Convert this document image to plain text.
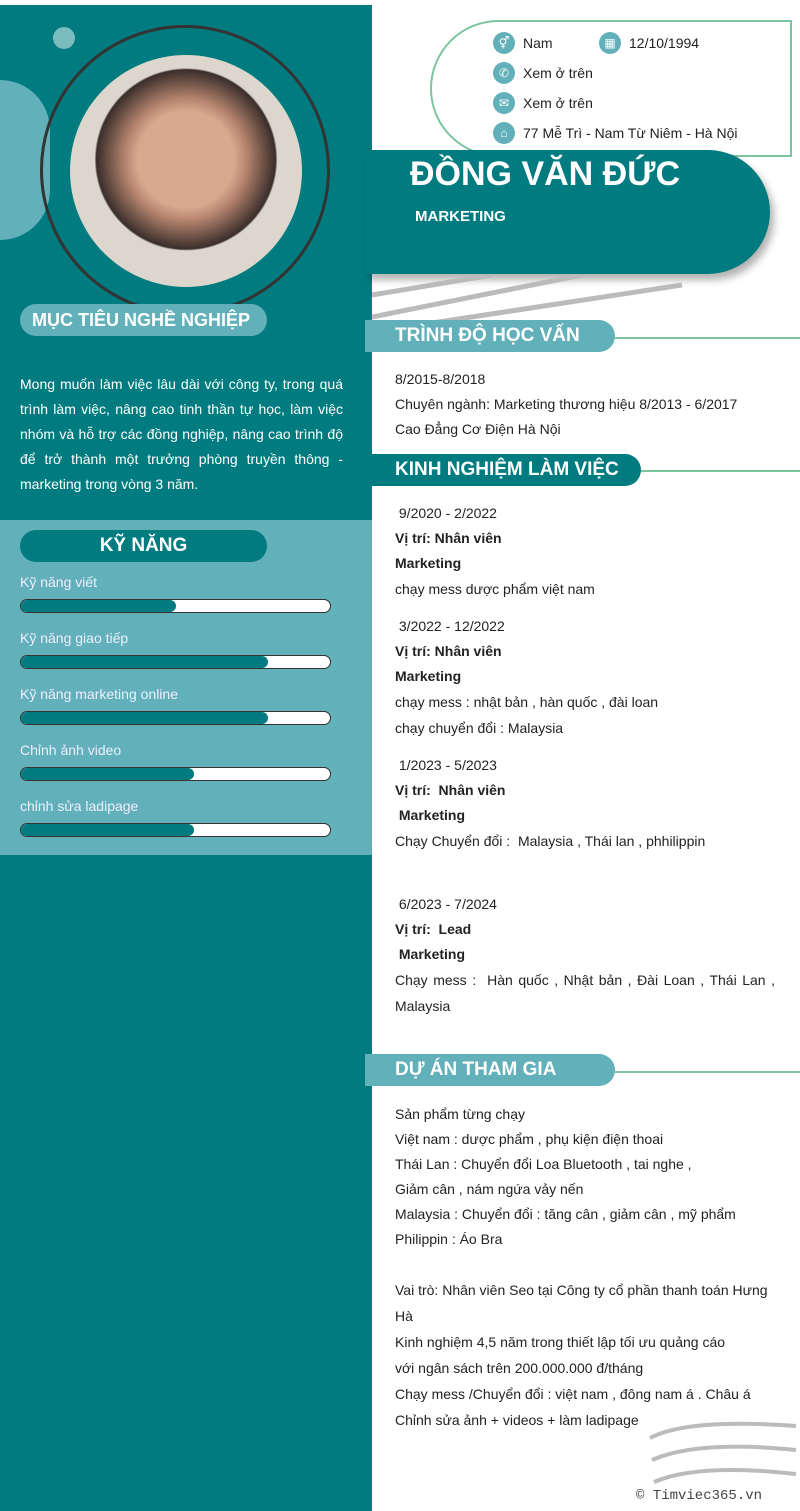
MỤC TIÊU NGHỀ NGHIỆP
Mong muốn làm việc lâu dài với công ty, trong quá trình làm việc, nâng cao tinh thần tự học, làm việc nhóm và hỗ trợ các đồng nghiệp, nâng cao trình độ để trở thành một trưởng phòng truyền thông - marketing trong vòng 3 năm.
KỸ NĂNG
Kỹ năng viết
Kỹ năng giao tiếp
Kỹ năng marketing online
Chỉnh ảnh video
chỉnh sửa ladipage
⚥ Nam	▦ 12/10/1994
✆ Xem ở trên
✉ Xem ở trên
⌂	77 Mễ Trì - Nam Từ Niêm - Hà Nội
ĐỒNG VĂN ĐỨC
MARKETING
TRÌNH ĐỘ HỌC VẤN
8/2015-8/2018
Chuyên ngành: Marketing thương hiệu 8/2013 - 6/2017
Cao Đẳng Cơ Điện Hà Nội
KINH NGHIỆM LÀM VIỆC
9/2020 - 2/2022
Vị trí: Nhân viên
Marketing
chạy mess dược phẩm việt nam
3/2022 - 12/2022
Vị trí: Nhân viên
Marketing
chạy mess : nhật bản , hàn quốc , đài loan
chạy chuyển đổi : Malaysia
1/2023 - 5/2023
Vị trí:  Nhân viên
Marketing
Chạy Chuyển đổi :  Malaysia , Thái lan , phhilippin
6/2023 - 7/2024
Vị trí:  Lead
Marketing
Chạy mess :  Hàn quốc , Nhật bản , Đài Loan , Thái Lan , Malaysia
DỰ ÁN THAM GIA
Sản phẩm từng chạy
Việt nam : dược phẩm , phụ kiện điện thoai
Thái Lan : Chuyển đổi Loa Bluetooth , tai nghe ,
Giảm cân , nám ngứa vảy nến
Malaysia : Chuyển đổi : tăng cân , giảm cân , mỹ phẩm
Philippin : Áo Bra
Vai trò: Nhân viên Seo tại Công ty cổ phần thanh toán Hưng Hà
Kinh nghiệm 4,5 năm trong thiết lập tối ưu quảng cáo
với ngân sách trên 200.000.000 đ/tháng
Chạy mess /Chuyển đổi : việt nam , đông nam á . Châu á
Chỉnh sửa ảnh + videos + làm ladipage
© Timviec365.vn
